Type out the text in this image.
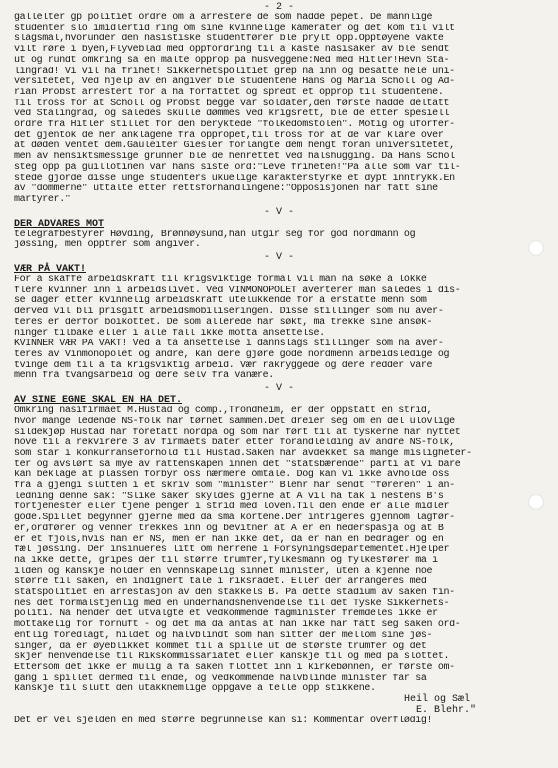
- 2 -
gallelter gp politiet ordre om å arrestere de som hadde pepet. De mannlige
studenter slo imidlertid ring om sine kvinnelige kamerater og det kom til vilt
slagsmål,hvorunder den nasistiske studentfører ble prylt opp.Opptøyene vakte
vilt røre i byen,Flyveblad med oppfordring til å kaste nasisaker av ble sendt
ut og rundt omkring så en malte opprop på husveggene:Ned med Hitler!Hevn Sta-
lingrad! Vi vil ha frihet! Sikkerhetspolitiet grep nå inn og besatte hele uni-
versitetet, Ved hjelp av en angiver ble studentene Hans og Maria Scholl og Ad-
rian Probst arrestert for å ha forfattet og spredt et opprop til studentene.
Til tross for at Scholl og Probst begge var soldater,den første hadde deltatt
ved Stalingrad, og således skulle dømmes ved krigsrett, ble de etter spesiell
ordre fra Hitler stillet for den beryktede "folkedomstolen". Motig og uforfer-
det gjentok de her anklagene fra oppropet,til tross for at de var klare over
at døden ventet dem.Gauleiter Giesler forlangte dem hengt foran universitetet,
men av hensiktsmessige grunner ble de henrettet ved halshugging. Da Hans Schol
steg opp på guillotinen var hans siste ord:"Leve friheten!"På alle som var til-
stede gjorde disse unge studenters ukuelige karakterstyrke et dypt inntrykk.En
av "dommerne" uttalte etter rettsforhandlingene:"Opposisjonen har fått sine
martyrer."
- V -
DER ADVARES MOT
telegrafbestyrer Høvding, Brønnøysund,han utgir seg for god nordmann og
jøssing, men opptrer som angiver.
- V -
VÆR PÅ VAKT!
For å skaffe arbeidskraft til krigsviktige formål vil man nå søke å lokke
flere kvinner inn i arbeidslivet. Ved VINMONOPOLET averterer man således i dis-
se dager etter kvinnelig arbeidskraft utelukkende for å erstatte menn som
derved vil bli prisgitt arbeidsmobiliseringen. Disse stillinger som nu aver-
teres er derfor boikottet. De som allerede har søkt, må trekke sine ansøk-
ninger tilbake eller i alle fall ikke motta ansettelse.
KVINNER VÆR PÅ VAKT! Ved å ta ansettelse i dannslags stillinger som nå aver-
teres av Vinmonopolet og andre, kan dere gjøre gode nordmenn arbeidsledige og
tvinge dem til å ta krigsviktig arbeid. Vær rakryggede og dere redder våre
menn fra tvangsarbeid og dere selv fra vanære.
- V -
AV SINE EGNE SKAL EN HA DET.
Omkring nasifirmaet M.Hustad og comp.,Trondheim, er der oppstått en strid,
hvor mange ledende NS-folk har tørnet sammen.Det dreier seg om en del ulovlige
sildekjøp Hustad har foretatt nordpå og som har ført til at tyskerne har nyttet
hove til å rekvirere 3 av firmaets båter etter forandlelding av andre NS-folk,
som står i konkurranseforhold til Hustad.Saken har avdekket så mange misligheter-
ter og avslørt så mye av råttenskapen innen det "statsbærende" parti at vi bare
kan beklage at plassen forbyr oss nærmere omtale. Dog kan vi ikke avholde oss
fra å gjengi slutten i et skriv som "minister" Blehr har sendt "føreren" i an-
ledning denne sak: "Slike saker skyldes gjerne at A vil ha tak i nestens B's
fortjenester eller tjene penger i strid med loven.Til den ende er alle midler
gode.Spillet begynner gjerne med da små kortene.Der intrigeres gjennom lagfør-
er,ordfører og venner trekkes inn og bevitner at A er en hederspasja og at B
er et fjols,hvis han er NS, men er han ikke det, da er han en bedrager og en
fæl jøssing. Der insinueres litt om herrene i Forsyningsdepartementet.Hjelper
nå ikke dette, gripes der til større trumfer,fylkesmann og fylkesfører må i
ilden og kanskje holder en vennskapelig sinnet minister, uten å kjenne noe
større til saken, en indignert tale i riksrådet. Eller der arrangeres med
statspolitiet en arrestasjon av den stakkels B. På dette stadium av saken fin-
nes det formålstjenlig med en underhåndshenvendelse til det Tyske Sikkerhets-
politi. Nå hender det utvalgte et vedkommende fagminister fremdeles ikke er
mottakelig for fornuft - og det må da antas at han ikke har fått seg saken ord-
entlig foredlagt, hildet og halvblindt som han sitter der mellom sine jøs-
singer, da er øyeblikket kommet til å spille ut de største trumfer og det
skjer henvendelse til Rikskommissariatet eller kanskje til og med på slottet.
Ettersom det ikke er mulig å få saken flottet inn i kirkebønnen, er første om-
gang i spillet dermed til ende, og vedkommende halvblinde minister får så
kanskje til slutt den utakknemlige oppgave å telle opp stikkene.
Heil og Sæl
E. Blehr."
Det er vel sjelden en med større begrunnelse kan si: Kommentar overflødig!
